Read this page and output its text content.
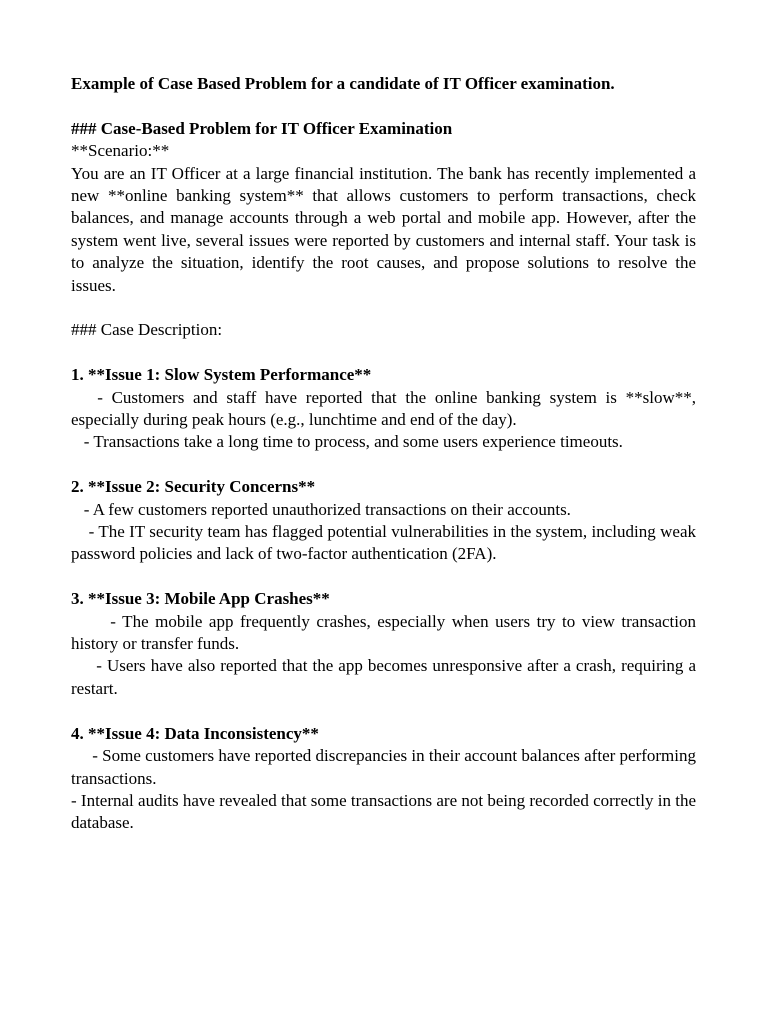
Example of Case Based Problem for a candidate of IT Officer examination.
### Case-Based Problem for IT Officer Examination
**Scenario:**
You are an IT Officer at a large financial institution. The bank has recently implemented a new **online banking system** that allows customers to perform transactions, check balances, and manage accounts through a web portal and mobile app. However, after the system went live, several issues were reported by customers and internal staff. Your task is to analyze the situation, identify the root causes, and propose solutions to resolve the issues.
### Case Description:
1. **Issue 1: Slow System Performance**
- Customers and staff have reported that the online banking system is **slow**, especially during peak hours (e.g., lunchtime and end of the day).
- Transactions take a long time to process, and some users experience timeouts.
2. **Issue 2: Security Concerns**
- A few customers reported unauthorized transactions on their accounts.
- The IT security team has flagged potential vulnerabilities in the system, including weak password policies and lack of two-factor authentication (2FA).
3. **Issue 3: Mobile App Crashes**
- The mobile app frequently crashes, especially when users try to view transaction history or transfer funds.
- Users have also reported that the app becomes unresponsive after a crash, requiring a restart.
4. **Issue 4: Data Inconsistency**
- Some customers have reported discrepancies in their account balances after performing transactions.
- Internal audits have revealed that some transactions are not being recorded correctly in the database.
